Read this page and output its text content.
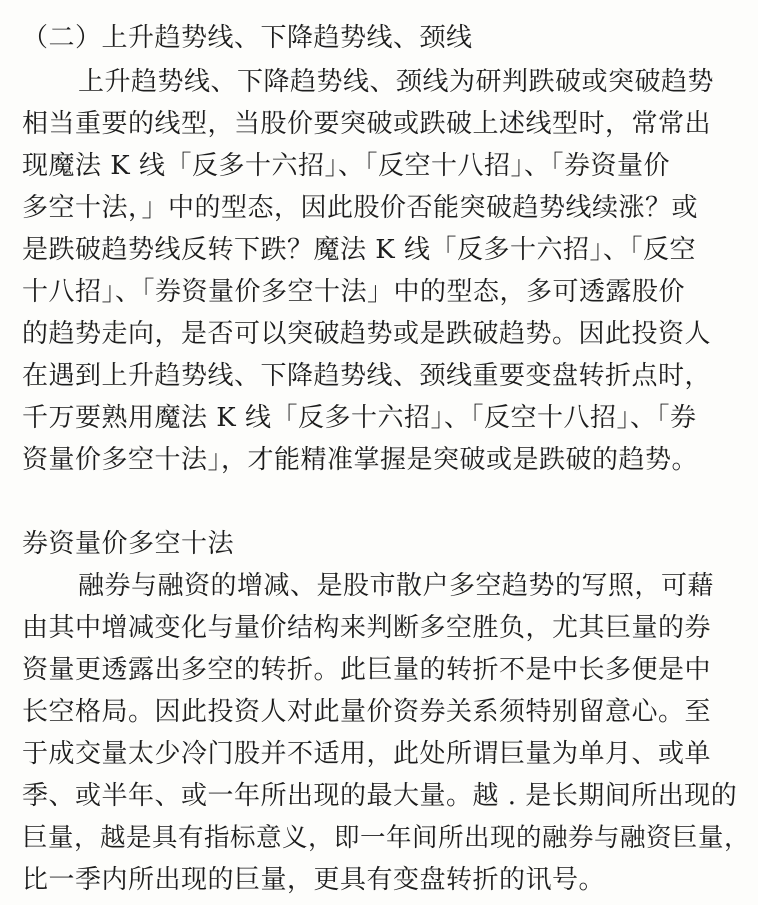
（二）上升趋势线、下降趋势线、颈线
上升趋势线、下降趋势线、颈线为研判跌破或突破趋势
相当重要的线型，当股价要突破或跌破上述线型时，常常出
现魔法 K 线「反多十六招」、「反空十八招」、「券资量价
多空十法，」中的型态，因此股价否能突破趋势线续涨？或
是跌破趋势线反转下跌？魔法 K 线「反多十六招」、「反空
十八招」、「券资量价多空十法」中的型态，多可透露股价
的趋势走向，是否可以突破趋势或是跌破趋势。因此投资人
在遇到上升趋势线、下降趋势线、颈线重要变盘转折点时，
千万要熟用魔法 K 线「反多十六招」、「反空十八招」、「券
资量价多空十法」，才能精准掌握是突破或是跌破的趋势。
券资量价多空十法
融券与融资的增减、是股市散户多空趋势的写照，可藉
由其中增减变化与量价结构来判断多空胜负，尤其巨量的券
资量更透露出多空的转折。此巨量的转折不是中长多便是中
长空格局。因此投资人对此量价资券关系须特别留意心。至
于成交量太少冷门股并不适用，此处所谓巨量为单月、或单
季、或半年、或一年所出现的最大量。越 . 是长期间所出现的
巨量，越是具有指标意义，即一年间所出现的融券与融资巨量，
比一季内所出现的巨量，更具有变盘转折的讯号。
